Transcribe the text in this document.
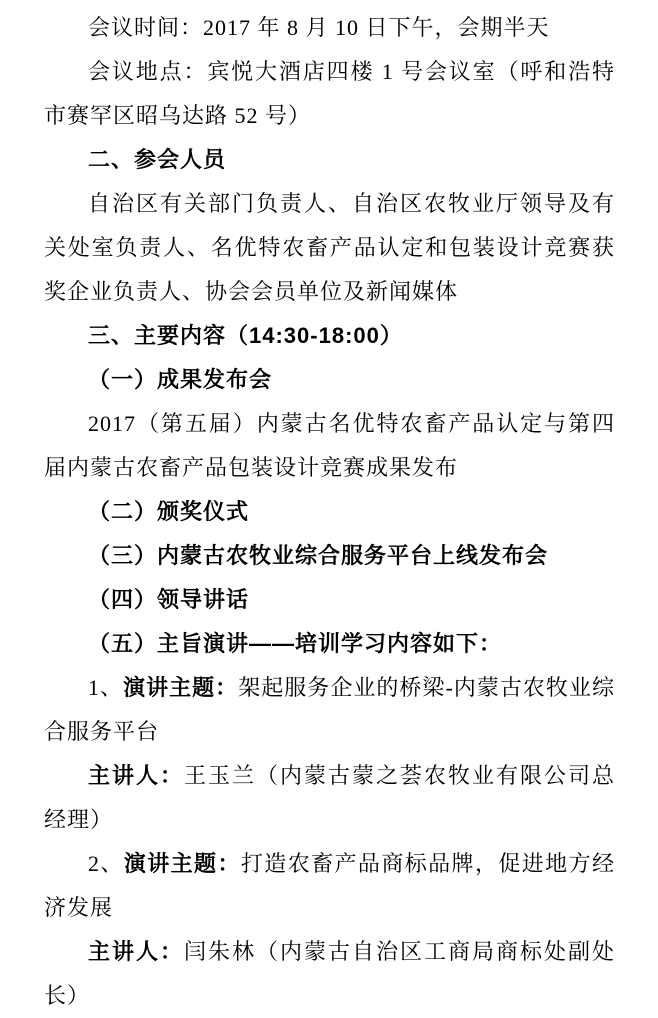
会议时间：2017 年 8 月 10 日下午，会期半天

会议地点：宾悦大酒店四楼 1 号会议室（呼和浩特市赛罕区昭乌达路 52 号）

二、参会人员

自治区有关部门负责人、自治区农牧业厅领导及有关处室负责人、名优特农畜产品认定和包装设计竞赛获奖企业负责人、协会会员单位及新闻媒体

三、主要内容（14:30-18:00）

（一）成果发布会

2017（第五届）内蒙古名优特农畜产品认定与第四届内蒙古农畜产品包装设计竞赛成果发布

（二）颁奖仪式

（三）内蒙古农牧业综合服务平台上线发布会

（四）领导讲话

（五）主旨演讲——培训学习内容如下：

1、演讲主题：架起服务企业的桥梁-内蒙古农牧业综合服务平台

主讲人：王玉兰（内蒙古蒙之荟农牧业有限公司总经理）

2、演讲主题：打造农畜产品商标品牌，促进地方经济发展

主讲人：闫朱林（内蒙古自治区工商局商标处副处长）
